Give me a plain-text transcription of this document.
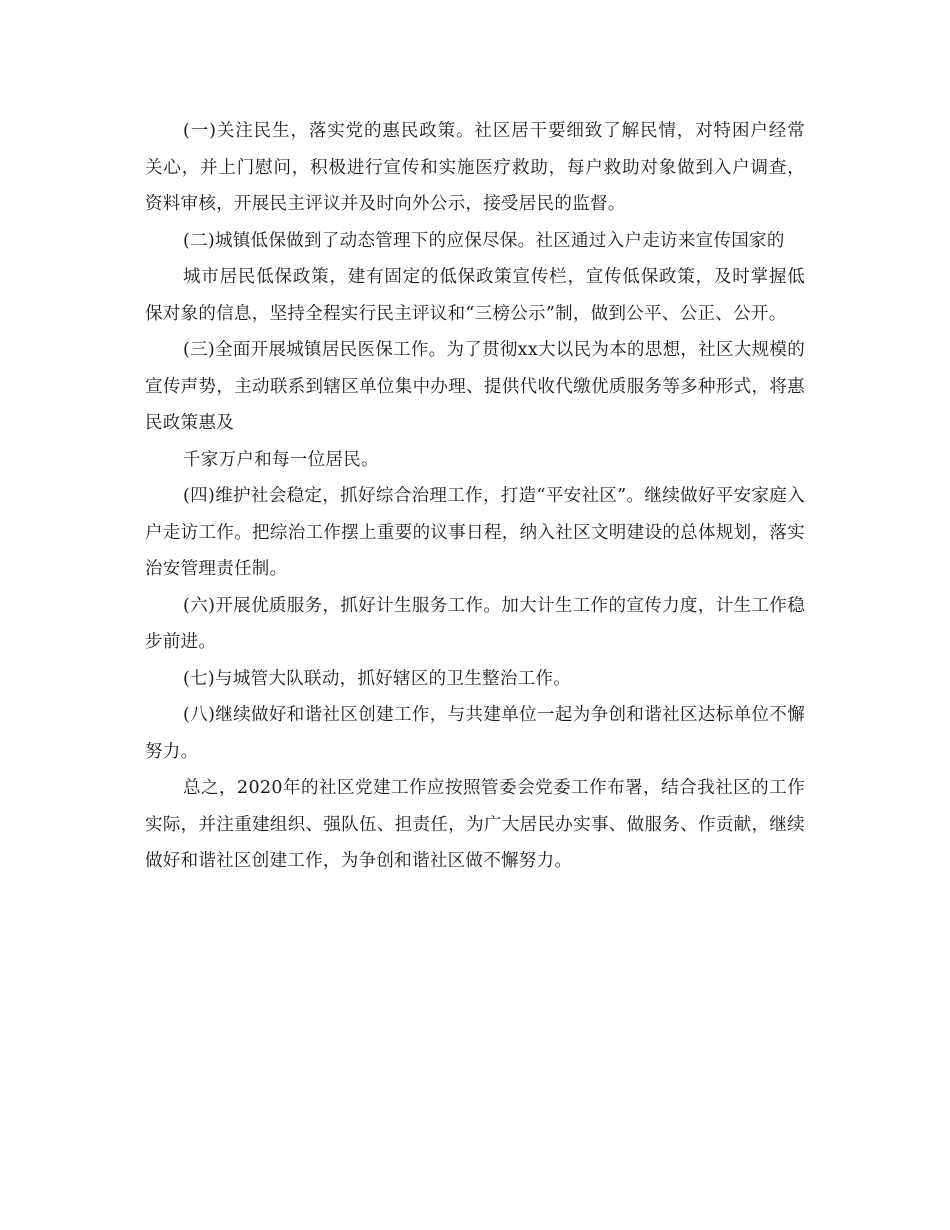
(一)关注民生，落实党的惠民政策。社区居干要细致了解民情，对特困户经常 关心，并上门慰问，积极进行宣传和实施医疗救助，每户救助对象做到入户调查， 资料审核，开展民主评议并及时向外公示，接受居民的监督。

(二)城镇低保做到了动态管理下的应保尽保。社区通过入户走访来宣传国家的

城市居民低保政策，建有固定的低保政策宣传栏，宣传低保政策，及时掌握低保对象的信息，坚持全程实行民主评议和“三榜公示”制，做到公平、公正、公开。

(三)全面开展城镇居民医保工作。为了贯彻xx大以民为本的思想，社区大规模的宣传声势，主动联系到辖区单位集中办理、提供代收代缴优质服务等多种形式，将惠民政策惠及

千家万户和每一位居民。

(四)维护社会稳定，抓好综合治理工作，打造“平安社区”。继续做好平安家庭入户走访工作。把综治工作摆上重要的议事日程，纳入社区文明建设的总体规划，落实治安管理责任制。

(六)开展优质服务，抓好计生服务工作。加大计生工作的宣传力度，计生工作稳步前进。

(七)与城管大队联动，抓好辖区的卫生整治工作。

(八)继续做好和谐社区创建工作，与共建单位一起为争创和谐社区达标单位不懈努力。

总之，2020年的社区党建工作应按照管委会党委工作布署，结合我社区的工作实际，并注重建组织、强队伍、担责任，为广大居民办实事、做服务、作贡献，继续做好和谐社区创建工作，为争创和谐社区做不懈努力。
